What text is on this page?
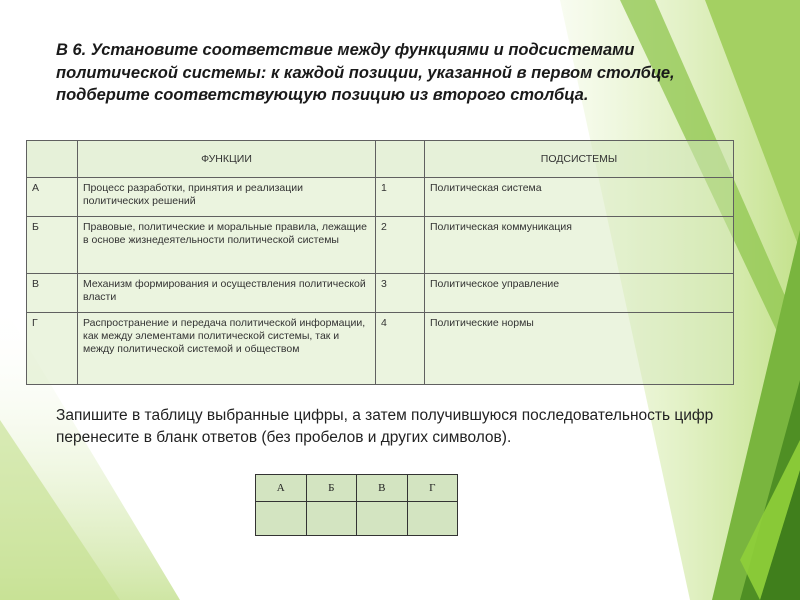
В 6. Установите соответствие между функциями и подсистемами политической системы: к каждой позиции, указанной в первом столбце, подберите соответствующую позицию из второго столбца.

	ФУНКЦИИ		ПОДСИСТЕМЫ
А	Процесс разработки, принятия и реализации политических решений	1	Политическая система
Б	Правовые, политические и моральные правила, лежащие в основе жизнедеятельности политической системы	2	Политическая коммуникация
В	Механизм формирования и осуществления политической власти	3	Политическое управление
Г	Распространение и передача политической информации, как между элементами политической системы, так и между политической системой и обществом	4	Политические нормы

Запишите в таблицу выбранные цифры, а затем получившуюся последовательность цифр перенесите в бланк ответов (без пробелов и других символов).

А	Б	В	Г
